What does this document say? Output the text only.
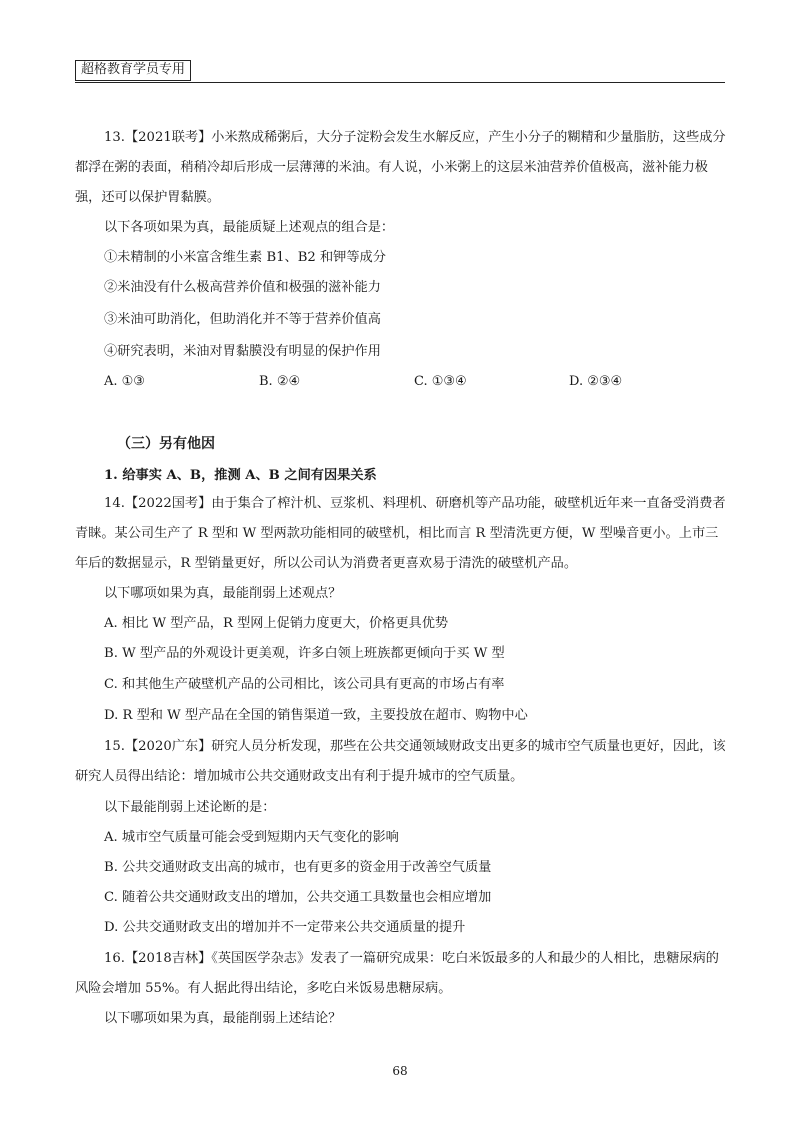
超格教育学员专用
13.【2021联考】小米熬成稀粥后，大分子淀粉会发生水解反应，产生小分子的糊精和少量脂肪，这些成分
都浮在粥的表面，稍稍冷却后形成一层薄薄的米油。有人说，小米粥上的这层米油营养价值极高，滋补能力极
强，还可以保护胃黏膜。
以下各项如果为真，最能质疑上述观点的组合是：
①未精制的小米富含维生素 B1、B2 和钾等成分
②米油没有什么极高营养价值和极强的滋补能力
③米油可助消化，但助消化并不等于营养价值高
④研究表明，米油对胃黏膜没有明显的保护作用
A. ①③	B. ②④	C. ①③④	D. ②③④
（三）另有他因
1. 给事实 A、B，推测 A、B 之间有因果关系
14.【2022国考】由于集合了榨汁机、豆浆机、料理机、研磨机等产品功能，破壁机近年来一直备受消费者
青睐。某公司生产了 R 型和 W 型两款功能相同的破壁机，相比而言 R 型清洗更方便，W 型噪音更小。上市三
年后的数据显示，R 型销量更好，所以公司认为消费者更喜欢易于清洗的破壁机产品。
以下哪项如果为真，最能削弱上述观点？
A. 相比 W 型产品，R 型网上促销力度更大，价格更具优势
B. W 型产品的外观设计更美观，许多白领上班族都更倾向于买 W 型
C. 和其他生产破壁机产品的公司相比，该公司具有更高的市场占有率
D. R 型和 W 型产品在全国的销售渠道一致，主要投放在超市、购物中心
15.【2020广东】研究人员分析发现，那些在公共交通领域财政支出更多的城市空气质量也更好，因此，该
研究人员得出结论：增加城市公共交通财政支出有利于提升城市的空气质量。
以下最能削弱上述论断的是：
A. 城市空气质量可能会受到短期内天气变化的影响
B. 公共交通财政支出高的城市，也有更多的资金用于改善空气质量
C. 随着公共交通财政支出的增加，公共交通工具数量也会相应增加
D. 公共交通财政支出的增加并不一定带来公共交通质量的提升
16.【2018吉林】《英国医学杂志》发表了一篇研究成果：吃白米饭最多的人和最少的人相比，患糖尿病的
风险会增加 55%。有人据此得出结论，多吃白米饭易患糖尿病。
以下哪项如果为真，最能削弱上述结论？
68
